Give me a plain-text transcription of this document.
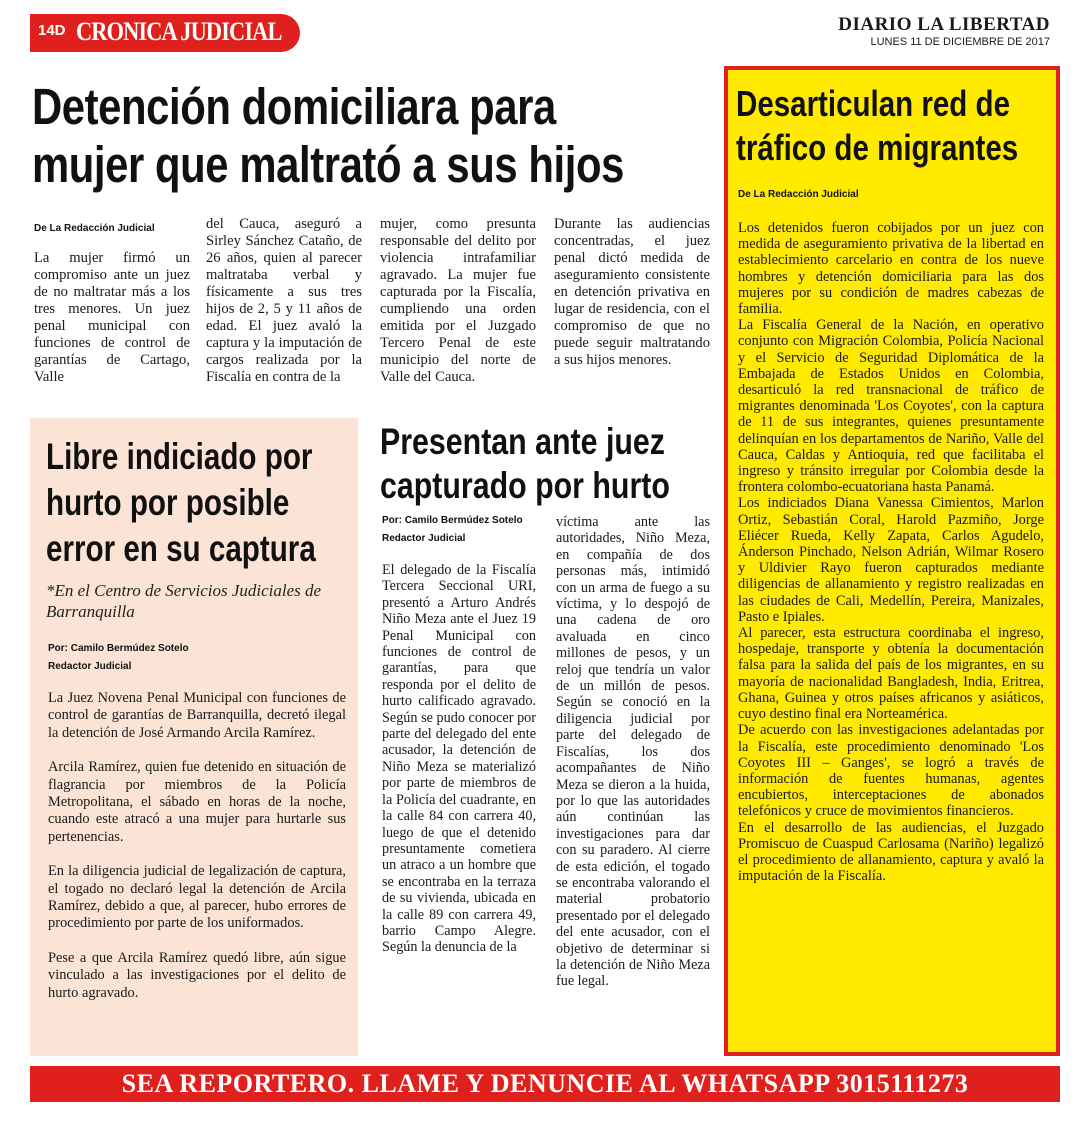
14D CRONICA JUDICIAL	DIARIO LA LIBERTAD
LUNES 11 DE DICIEMBRE DE 2017
Detención domiciliara para
mujer que maltrató a sus hijos
De La Redacción Judicial
La mujer firmó un compromiso ante un juez de no maltratar más a los tres menores. Un juez penal municipal con funciones de control de garantías de Cartago, Valle
del Cauca, aseguró a Sirley Sánchez Cataño, de 26 años, quien al parecer maltrataba verbal y físicamente a sus tres hijos de 2, 5 y 11 años de edad. El juez avaló la captura y la imputación de cargos realizada por la Fiscalía en contra de la
mujer, como presunta responsable del delito por violencia intrafamiliar agravado. La mujer fue capturada por la Fiscalía, cumpliendo una orden emitida por el Juzgado Tercero Penal de este municipio del norte de Valle del Cauca.
Durante las audiencias concentradas, el juez penal dictó medida de aseguramiento consistente en detención privativa en lugar de residencia, con el compromiso de que no puede seguir maltratando a sus hijos menores.
Desarticulan red de
tráfico de migrantes
De La Redacción Judicial

Los detenidos fueron cobijados por un juez con medida de aseguramiento privativa de la libertad en establecimiento carcelario en contra de los nueve hombres y detención domiciliaria para las dos mujeres por su condición de madres cabezas de familia.

La Fiscalía General de la Nación, en operativo conjunto con Migración Colombia, Policía Nacional y el Servicio de Seguridad Diplomática de la Embajada de Estados Unidos en Colombia, desarticuló la red transnacional de tráfico de migrantes denominada 'Los Coyotes', con la captura de 11 de sus integrantes, quienes presuntamente delinquían en los departamentos de Nariño, Valle del Cauca, Caldas y Antioquia, red que facilitaba el ingreso y tránsito irregular por Colombia desde la frontera colombo-ecuatoriana hasta Panamá.

Los indiciados Diana Vanessa Cimientos, Marlon Ortiz, Sebastián Coral, Harold Pazmiño, Jorge Eliécer Rueda, Kelly Zapata, Carlos Agudelo, Ánderson Pinchado, Nelson Adrián, Wilmar Rosero y Uldivier Rayo fueron capturados mediante diligencias de allanamiento y registro realizadas en las ciudades de Cali, Medellín, Pereira, Manizales, Pasto e Ipiales.

Al parecer, esta estructura coordinaba el ingreso, hospedaje, transporte y obtenía la documentación falsa para la salida del país de los migrantes, en su mayoría de nacionalidad Bangladesh, India, Eritrea, Ghana, Guinea y otros países africanos y asiáticos, cuyo destino final era Norteamérica.

De acuerdo con las investigaciones adelantadas por la Fiscalía, este procedimiento denominado 'Los Coyotes III – Ganges', se logró a través de información de fuentes humanas, agentes encubiertos, interceptaciones de abonados telefónicos y cruce de movimientos financieros.

En el desarrollo de las audiencias, el Juzgado Promiscuo de Cuaspud Carlosama (Nariño) legalizó el procedimiento de allanamiento, captura y avaló la imputación de la Fiscalía.

Libre indiciado por
hurto por posible
error en su captura
*En el Centro de Servicios Judiciales de Barranquilla
Por: Camilo Bermúdez Sotelo
Redactor Judicial

La Juez Novena Penal Municipal con funciones de control de garantías de Barranquilla, decretó ilegal la detención de José Armando Arcila Ramírez.

Arcila Ramírez, quien fue detenido en situación de flagrancia por miembros de la Policía Metropolitana, el sábado en horas de la noche, cuando este atracó a una mujer para hurtarle sus pertenencias.

En la diligencia judicial de legalización de captura, el togado no declaró legal la detención de Arcila Ramírez, debido a que, al parecer, hubo errores de procedimiento por parte de los uniformados.

Pese a que Arcila Ramírez quedó libre, aún sigue vinculado a las investigaciones por el delito de hurto agravado.

Presentan ante juez
capturado por hurto
Por: Camilo Bermúdez Sotelo
Redactor Judicial
El delegado de la Fiscalía Tercera Seccional URI, presentó a Arturo Andrés Niño Meza ante el Juez 19 Penal Municipal con funciones de control de garantías, para que responda por el delito de hurto calificado agravado. Según se pudo conocer por parte del delegado del ente acusador, la detención de Niño Meza se materializó por parte de miembros de la Policía del cuadrante, en la calle 84 con carrera 40, luego de que el detenido presuntamente cometiera un atraco a un hombre que se encontraba en la terraza de su vivienda, ubicada en la calle 89 con carrera 49, barrio Campo Alegre. Según la denuncia de la
víctima ante las autoridades, Niño Meza, en compañía de dos personas más, intimidó con un arma de fuego a su víctima, y lo despojó de una cadena de oro avaluada en cinco millones de pesos, y un reloj que tendría un valor de un millón de pesos. Según se conoció en la diligencia judicial por parte del delegado de Fiscalías, los dos acompañantes de Niño Meza se dieron a la huida, por lo que las autoridades aún continúan las investigaciones para dar con su paradero. Al cierre de esta edición, el togado se encontraba valorando el material probatorio presentado por el delegado del ente acusador, con el objetivo de determinar si la detención de Niño Meza fue legal.
SEA REPORTERO. LLAME Y DENUNCIE AL WHATSAPP 3015111273
